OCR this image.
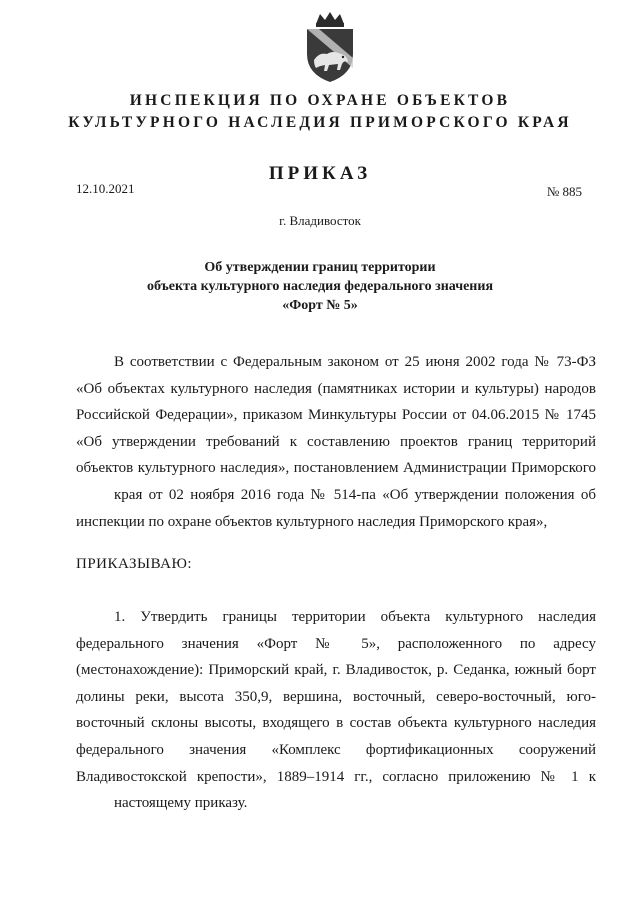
ИНСПЕКЦИЯ ПО ОХРАНЕ ОБЪЕКТОВ
КУЛЬТУРНОГО НАСЛЕДИЯ ПРИМОРСКОГО КРАЯ
ПРИКАЗ
12.10.2021	№ 885
г. Владивосток
Об утверждении границ территории
объекта культурного наследия федерального значения
«Форт № 5»
В соответствии с Федеральным законом от 25 июня 2002 года № 73-ФЗ «Об объектах культурного наследия (памятниках истории и культуры) народов Российской Федерации», приказом Минкультуры России от 04.06.2015 № 1745 «Об утверждении требований к составлению проектов границ территорий объектов культурного наследия», постановлением Администрации Приморского
края от 02 ноября 2016 года № 514-па «Об утверждении положения об инспекции по охране объектов культурного наследия Приморского края»,
ПРИКАЗЫВАЮ:
1. Утвердить границы территории объекта культурного наследия федерального значения «Форт № 5», расположенного по адресу (местонахождение): Приморский край, г. Владивосток, р. Седанка, южный борт долины реки, высота 350,9, вершина, восточный, северо-восточный, юго-восточный склоны высоты, входящего в состав объекта культурного наследия федерального значения «Комплекс фортификационных сооружений Владивостокской крепости», 1889–1914 гг., согласно приложению № 1 к
настоящему приказу.
